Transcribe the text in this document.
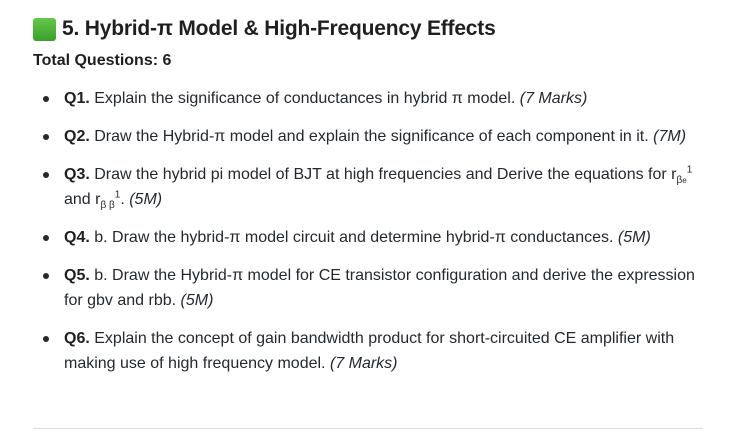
5. Hybrid-π Model & High-Frequency Effects
Total Questions: 6
Q1. Explain the significance of conductances in hybrid π model. (7 Marks)
Q2. Draw the Hybrid-π model and explain the significance of each component in it. (7M)
Q3. Draw the hybrid pi model of BJT at high frequencies and Derive the equations for $r_{\beta e}^1$ and $r_{\beta \beta}^1$. (5M)
Q4. b. Draw the hybrid-π model circuit and determine hybrid-π conductances. (5M)
Q5. b. Draw the Hybrid-π model for CE transistor configuration and derive the expression for gbv and rbb. (5M)
Q6. Explain the concept of gain bandwidth product for short-circuited CE amplifier with making use of high frequency model. (7 Marks)
